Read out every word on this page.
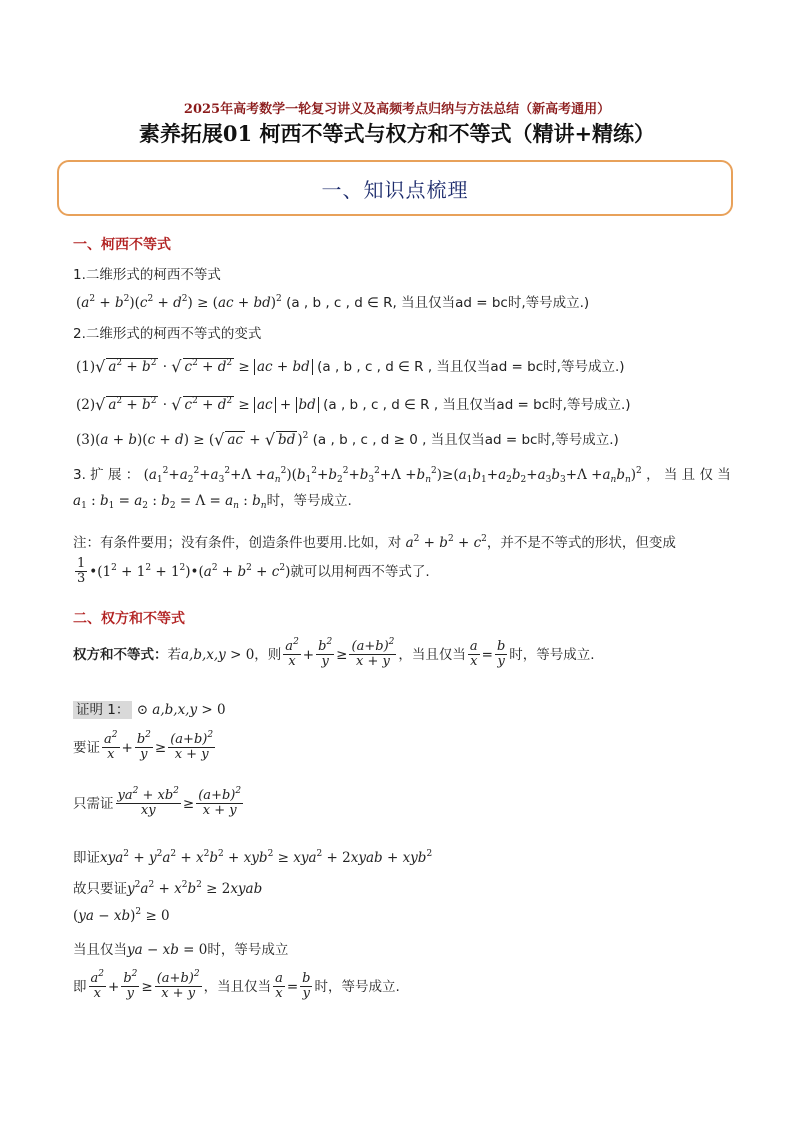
2025年高考数学一轮复习讲义及高频考点归纳与方法总结（新高考通用）
素养拓展01 柯西不等式与权方和不等式（精讲+精练）
一、知识点梳理
一、柯西不等式
1.二维形式的柯西不等式
$(a^2 + b^2)(c^2 + d^2) \ge (ac + bd)^2$ (a , b , c , d ∈ R, 当且仅当ad = bc时,等号成立.)
2.二维形式的柯西不等式的变式
(1)√ $a^2 + b^2$ · √ $c^2 + d^2$ ≥ ac + bd (a , b , c , d ∈ R , 当且仅当ad = bc时,等号成立.)
(2)√ $a^2 + b^2$ · √ $c^2 + d^2$ ≥ ac + bd (a , b , c , d ∈ R , 当且仅当ad = bc时,等号成立.)
(3)(a + b)(c + d) ≥ (√ ac + √ bd )$^2$ (a , b , c , d ≥ 0 , 当且仅当ad = bc时,等号成立.)
3. 扩 展 ： $(a_1^2+a_2^2+a_3^2+\Lambda +a_n^2)(b_1^2+b_2^2+b_3^2+\Lambda +b_n^2)\ge(a_1b_1+a_2b_2+a_3b_3+\Lambda +a_nb_n)^2$ ， 当 且 仅 当
$a_1$ : $b_1 = a_2$ : $b_2 = \Lambda = a_n$ : $b_n$时，等号成立.
注：有条件要用；没有条件，创造条件也要用.比如，对 $a^2 + b^2 + c^2$，并不是不等式的形状，但变成
$\frac{1}{3}$ $•(1^2 + 1^2$ + $1^2)•(a^2 + b^2 + c^2)$就可以用柯西不等式了.
二、权方和不等式
权方和不等式：若a,b,x,y > 0，则 $\frac{a^2}{x} + \frac{b^2}{y} \ge \frac{(a+b)^2}{x + y}$ ，当且仅当 $\frac{a}{x} = \frac{b}{y}$ 时，等号成立.
证明 1： ⊙ a,b,x,y > 0
要证 $\frac{a^2}{x} + \frac{b^2}{y} \ge \frac{(a+b)^2}{x + y}$
只需证 $\frac{ya^2 + xb^2}{xy} \ge \frac{(a+b)^2}{x + y}$
即证$xya^2 + y^2a^2 + x^2b^2 + xyb^2 \ge xya^2$ + 2xyab + xyb$^2$
故只要证$y^2a^2 + x^2b^2$ ≥ 2xyab
(ya − xb)$^2$ ≥ 0
当且仅当ya − xb = 0时，等号成立
即 $\frac{a^2}{x} + \frac{b^2}{y} \ge \frac{(a+b)^2}{x + y}$ ，当且仅当 $\frac{a}{x} = \frac{b}{y}$ 时，等号成立.
